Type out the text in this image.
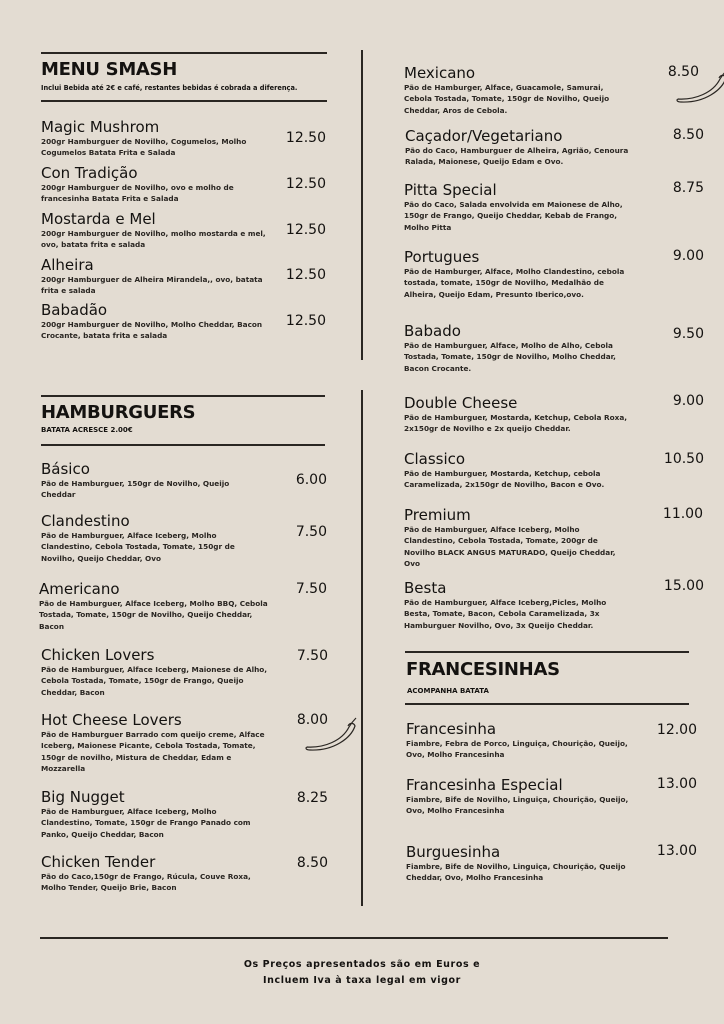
MENU SMASH
Inclui Bebida até 2€ e café, restantes bebidas é cobrada a diferença.
HAMBURGUERS
BATATA ACRESCE 2.00€
FRANCESINHAS
ACOMPANHA BATATA
Os Preços apresentados são em Euros e
Incluem Iva à taxa legal em vigor
Magic Mushrom
200gr Hamburguer de Novilho, Cogumelos, Molho Cogumelos Batata Frita e Salada
12.50
Con Tradição
200gr Hamburguer de Novilho, ovo e molho de francesinha Batata Frita e Salada
12.50
Mostarda e Mel
200gr Hamburguer de Novilho, molho mostarda e mel, ovo, batata frita e salada
12.50
Alheira
200gr Hamburguer de Alheira Mirandela,, ovo, batata frita e salada
12.50
Babadão
200gr Hamburguer de Novilho, Molho Cheddar, Bacon Crocante, batata frita e salada
12.50
Básico
Pão de Hamburguer, 150gr de Novilho, Queijo Cheddar
6.00
Clandestino
Pão de Hamburguer, Alface Iceberg, Molho Clandestino, Cebola Tostada, Tomate, 150gr de Novilho, Queijo Cheddar, Ovo
7.50
Americano
Pão de Hamburguer, Alface Iceberg, Molho BBQ, Cebola Tostada, Tomate, 150gr de Novilho, Queijo Cheddar, Bacon
7.50
Chicken Lovers
Pão de Hamburguer, Alface Iceberg, Maionese de Alho, Cebola Tostada, Tomate, 150gr de Frango, Queijo Cheddar, Bacon
7.50
Hot Cheese Lovers
Pão de Hamburguer Barrado com queijo creme, Alface Iceberg, Maionese Picante, Cebola Tostada, Tomate, 150gr de novilho, Mistura de Cheddar, Edam e Mozzarella
8.00
Big Nugget
Pão de Hamburguer, Alface Iceberg, Molho Clandestino, Tomate, 150gr de Frango Panado com Panko, Queijo Cheddar, Bacon
8.25
Chicken Tender
Pão do Caco,150gr de Frango, Rúcula, Couve Roxa, Molho Tender, Queijo Brie, Bacon
8.50
Mexicano
Pão de Hamburger, Alface, Guacamole, Samurai, Cebola Tostada, Tomate, 150gr de Novilho, Queijo Cheddar, Aros de Cebola.
8.50
Caçador/Vegetariano
Pão do Caco, Hamburguer de Alheira, Agrião, Cenoura Ralada, Maionese, Queijo Edam e Ovo.
8.50
Pitta Special
Pão do Caco, Salada envolvida em Maionese de Alho, 150gr de Frango, Queijo Cheddar, Kebab de Frango, Molho Pitta
8.75
Portugues
Pão de Hamburger, Alface, Molho Clandestino, cebola tostada, tomate, 150gr de Novilho, Medalhão de Alheira, Queijo Edam, Presunto Iberico,ovo.
9.00
Babado
Pão de Hamburguer, Alface, Molho de Alho, Cebola Tostada, Tomate, 150gr de Novilho, Molho Cheddar, Bacon Crocante.
9.50
Double Cheese
Pão de Hamburguer, Mostarda, Ketchup, Cebola Roxa, 2x150gr de Novilho e 2x queijo Cheddar.
9.00
Classico
Pão de Hamburguer, Mostarda, Ketchup, cebola Caramelizada, 2x150gr de Novilho, Bacon e Ovo.
10.50
Premium
Pão de Hamburguer, Alface Iceberg, Molho Clandestino, Cebola Tostada, Tomate, 200gr de Novilho BLACK ANGUS MATURADO, Queijo Cheddar, Ovo
11.00
Besta
Pão de Hamburguer, Alface Iceberg,Picles, Molho Besta, Tomate, Bacon, Cebola Caramelizada, 3x Hamburguer Novilho, Ovo, 3x Queijo Cheddar.
15.00
Francesinha
Fiambre, Febra de Porco, Linguiça, Chourição, Queijo, Ovo, Molho Francesinha
12.00
Francesinha Especial
Fiambre, Bife de Novilho, Linguiça, Chourição, Queijo, Ovo, Molho Francesinha
13.00
Burguesinha
Fiambre, Bife de Novilho, Linguiça, Chourição, Queijo Cheddar, Ovo, Molho Francesinha
13.00
